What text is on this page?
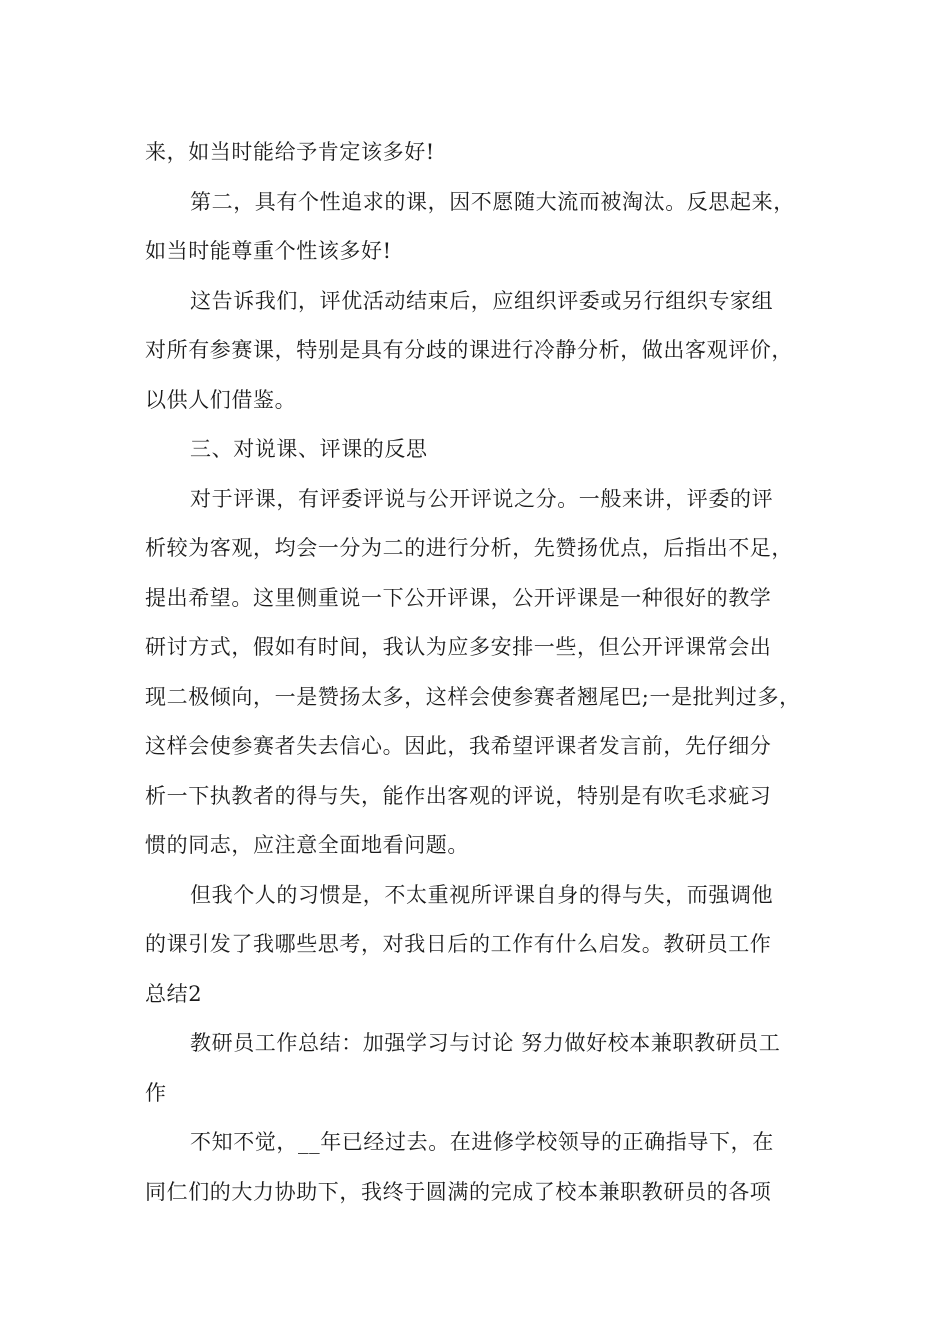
来，如当时能给予肯定该多好!
第二，具有个性追求的课，因不愿随大流而被淘汰。反思起来，
如当时能尊重个性该多好!
这告诉我们，评优活动结束后，应组织评委或另行组织专家组
对所有参赛课，特别是具有分歧的课进行冷静分析，做出客观评价，
以供人们借鉴。
三、对说课、评课的反思
对于评课，有评委评说与公开评说之分。一般来讲，评委的评
析较为客观，均会一分为二的进行分析，先赞扬优点，后指出不足，
提出希望。这里侧重说一下公开评课，公开评课是一种很好的教学
研讨方式，假如有时间，我认为应多安排一些，但公开评课常会出
现二极倾向，一是赞扬太多，这样会使参赛者翘尾巴;一是批判过多，
这样会使参赛者失去信心。因此，我希望评课者发言前，先仔细分
析一下执教者的得与失，能作出客观的评说，特别是有吹毛求疵习
惯的同志，应注意全面地看问题。
但我个人的习惯是，不太重视所评课自身的得与失，而强调他
的课引发了我哪些思考，对我日后的工作有什么启发。教研员工作
总结2
教研员工作总结：加强学习与讨论 努力做好校本兼职教研员工
作
不知不觉，__年已经过去。在进修学校领导的正确指导下，在
同仁们的大力协助下，我终于圆满的完成了校本兼职教研员的各项
